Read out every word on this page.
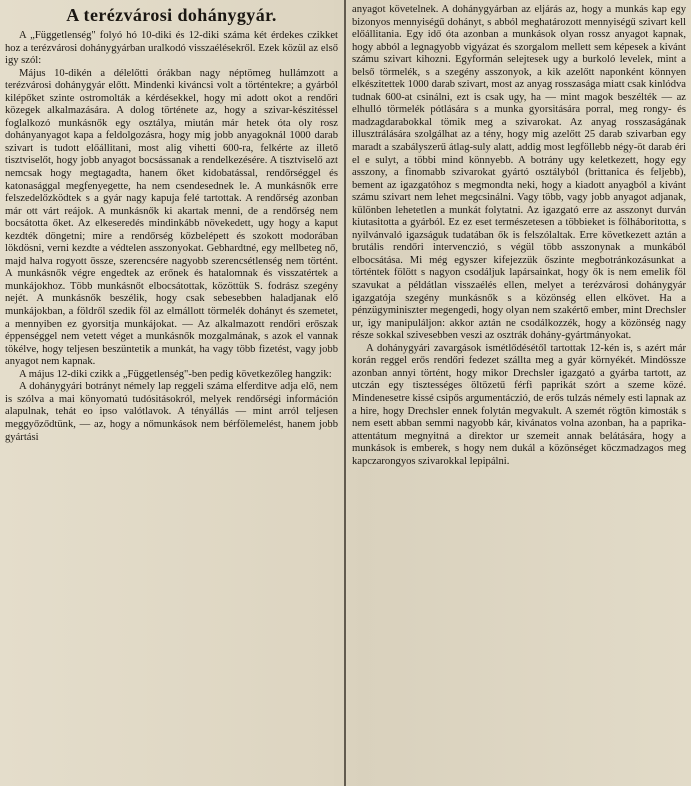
A terézvárosi dohánygyár.

A „Függetlenség" folyó hó 10-diki és 12-diki száma két érdekes czikket hoz a terézvárosi dohánygyárban uralkodó visszaélésekről. Ezek közül az első igy szól:

Május 10-dikén a délelőtti órákban nagy néptömeg hullámzott a terézvárosi dohánygyár előtt. Mindenki kiváncsi volt a történtekre; a gyárból kilépőket szinte ostromolták a kérdésekkel, hogy mi adott okot a rendőri közegek alkalmazására. A dolog története az, hogy a szivar-készitéssel foglalkozó munkásnők egy osztálya, miután már hetek óta oly rosz dohányanyagot kapa a feldolgozásra, hogy mig jobb anyagoknál 1000 darab szivart is tudott előállitani, most alig vihetti 600-ra, felkérte az illető tisztviselőt, hogy jobb anyagot bocsássanak a rendelkezésére. A tisztviselő azt nemcsak hogy megtagadta, hanem őket kidobatással, rendőrséggel és katonasággal megfenyegette, ha nem csendesednek le. A munkásnők erre felszedelőzködtek s a gyár nagy kapuja felé tartottak. A rendőrség azonban már ott várt reájok. A munkásnők ki akartak menni, de a rendőrség nem bocsátotta őket. Az elkeseredés mindinkább növekedett, ugy hogy a kaput kezdték döngetni; mire a rendőrség közbelépett és szokott modorában lökdösni, verni kezdte a védtelen asszonyokat. Gebhardtné, egy mellbeteg nő, majd halva rogyott össze, szerencsére nagyobb szerencsétlenség nem történt. A munkásnők végre engedtek az erőnek és hatalomnak és visszatértek a munkájokhoz. Több munkásnőt elbocsátottak, közöttük S. fodrász szegény nejét. A munkásnők beszélik, hogy csak sebesebben haladjanak elő munkájokban, a földről szedik föl az elmállott törmelék dohányt és szemetet, a mennyiben ez gyorsitja munkájokat. — Az alkalmazott rendőri erőszak éppenséggel nem vetett véget a munkásnők mozgalmának, s azok el vannak tökélve, hogy teljesen beszüntetik a munkát, ha vagy több fizetést, vagy jobb anyagot nem kapnak.

A május 12-diki czikk a „Függetlenség"-ben pedig következőleg hangzik:

A dohánygyári botrányt némely lap reggeli száma elferditve adja elő, nem is szólva a mai könyomatú tudósitásokról, melyek rendőrségi információn alapulnak, tehát eo ipso valótlavok. A tényállás — mint arról teljesen meggyőződtünk, — az, hogy a nőmunkások nem bérfölemelést, hanem jobb gyártási

anyagot követelnek. A dohánygyárban az eljárás az, hogy a munkás kap egy bizonyos mennyiségű dohányt, s abból meghatározott mennyiségű szivart kell előállitania. Egy idő óta azonban a munkások olyan rossz anyagot kapnak, hogy abból a legnagyobb vigyázat és szorgalom mellett sem képesek a kivánt számu szivart kihozni. Egyformán selejtesek ugy a burkoló levelek, mint a belső törmelék, s a szegény asszonyok, a kik azelőtt naponként könnyen elkészitettek 1000 darab szivart, most az anyag rosszasága miatt csak kinlódva tudnak 600-at csinálni, ezt is csak ugy, ha — mint magok beszélték — az elhulló törmelék pótlására s a munka gyorsitására porral, meg rongy- és madzagdarabokkal tömik meg a szivarokat. Az anyag rosszaságának illusztrálására szolgálhat az a tény, hogy mig azelőtt 25 darab szivarban egy maradt a szabályszerű átlag-suly alatt, addig most legföllebb négy-öt darab éri el e sulyt, a többi mind könnyebb. A botrány ugy keletkezett, hogy egy asszony, a finomabb szivarokat gyártó osztályból (brittanica és feljebb), bement az igazgatóhoz s megmondta neki, hogy a kiadott anyagból a kivánt számu szivart nem lehet megcsinálni. Vagy több, vagy jobb anyagot adjanak, különben lehetetlen a munkát folytatni. Az igazgató erre az asszonyt durván kiutasitotta a gyárból. Ez ez eset természetesen a többieket is fölháboritotta, s nyilvánvaló igazságuk tudatában ők is felszólaltak. Erre következett aztán a brutális rendőri intervenczió, s végül több asszonynak a munkából elbocsátása. Mi még egyszer kifejezzük őszinte megbotránkozásunkat a történtek fölött s nagyon csodáljuk lapársainkat, hogy ők is nem emelik föl szavukat a példátlan visszaélés ellen, melyet a terézvárosi dohánygyár igazgatója szegény munkásnők s a közönség ellen elkövet. Ha a pénzügyminiszter megengedi, hogy olyan nem szakértő ember, mint Drechsler ur, igy manipuláljon: akkor aztán ne csodálkozzék, hogy a közönség nagy része sokkal szivesebben veszi az osztrák dohány-gyártmányokat.

A dohánygyári zavargások ismétlődésétől tartottak 12-kén is, s azért már korán reggel erős rendőri fedezet szállta meg a gyár környékét. Mindössze azonban annyi történt, hogy mikor Drechsler igazgató a gyárba tartott, az utczán egy tisztességes öltözetű férfi paprikát szórt a szeme közé. Mindenesetre kissé csipős argumentáczió, de erős tulzás némely esti lapnak az a hire, hogy Drechsler ennek folytán megvakult. A szemét rögtön kimosták s nem esett abban semmi nagyobb kár, kivánatos volna azonban, ha a paprika-attentátum megnyitná a direktor ur szemeit annak belátására, hogy a munkások is emberek, s hogy nem dukál a közönséget köczmadzagos meg kapczarongyos szivarokkal lepipálni.
